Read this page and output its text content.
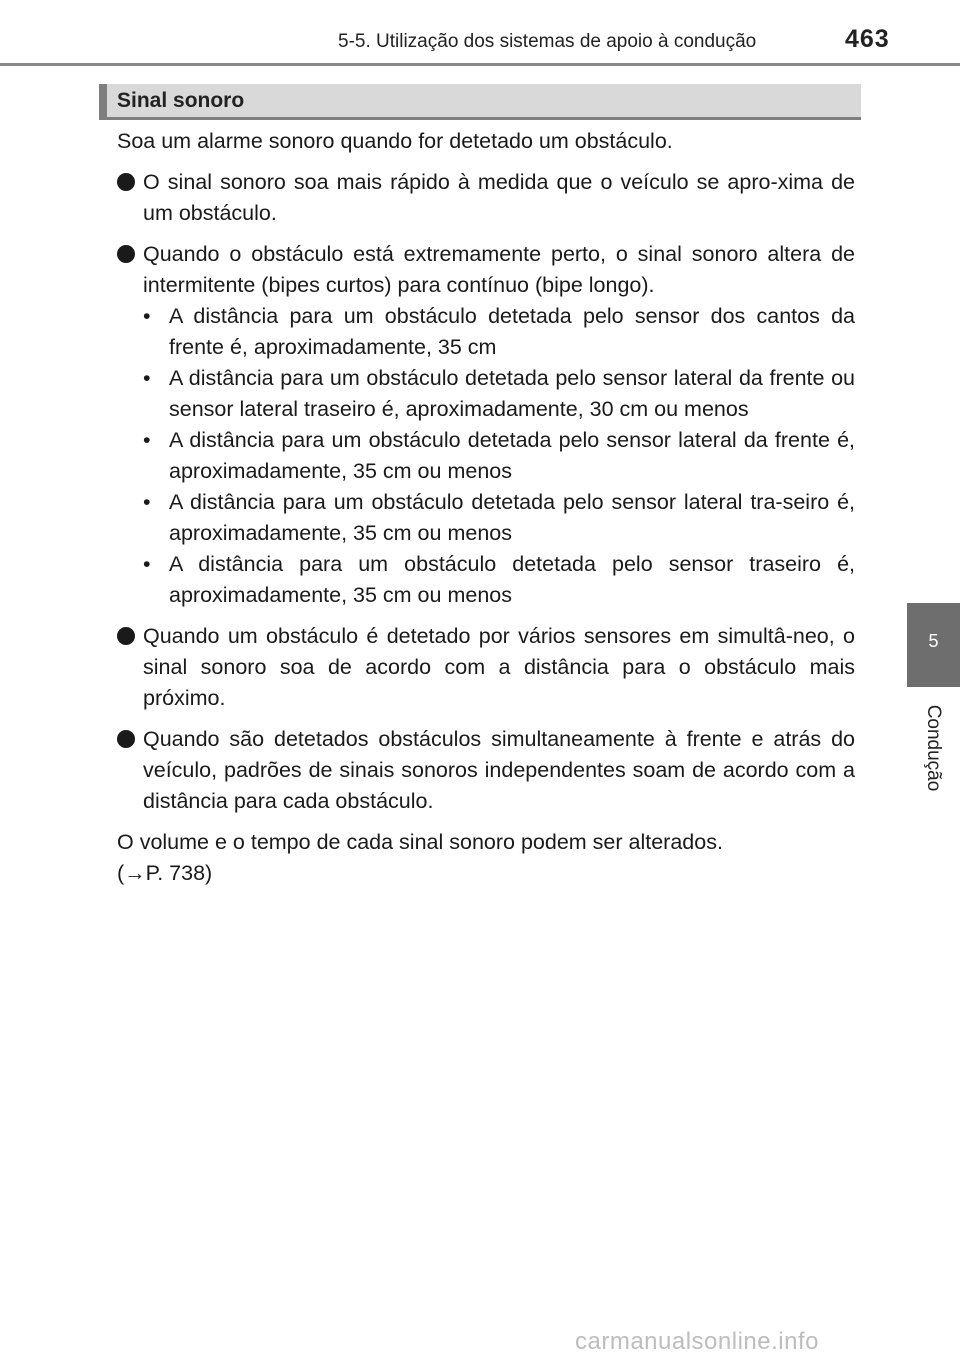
5-5. Utilização dos sistemas de apoio à condução	463
Sinal sonoro

Soa um alarme sonoro quando for detetado um obstáculo.

O sinal sonoro soa mais rápido à medida que o veículo se apro-xima de um obstáculo.
Quando o obstáculo está extremamente perto, o sinal sonoro altera de intermitente (bipes curtos) para contínuo (bipe longo).
• A distância para um obstáculo detetada pelo sensor dos cantos da frente é, aproximadamente, 35 cm
• A distância para um obstáculo detetada pelo sensor lateral da frente ou sensor lateral traseiro é, aproximadamente, 30 cm ou menos
• A distância para um obstáculo detetada pelo sensor lateral da frente é, aproximadamente, 35 cm ou menos
• A distância para um obstáculo detetada pelo sensor lateral tra-seiro é, aproximadamente, 35 cm ou menos
• A distância para um obstáculo detetada pelo sensor traseiro é, aproximadamente, 35 cm ou menos
Quando um obstáculo é detetado por vários sensores em simultâ-neo, o sinal sonoro soa de acordo com a distância para o obstáculo mais próximo.
Quando são detetados obstáculos simultaneamente à frente e atrás do veículo, padrões de sinais sonoros independentes soam de acordo com a distância para cada obstáculo.

O volume e o tempo de cada sinal sonoro podem ser alterados.

(→P. 738)

5
Condução
carmanualsonline.info
